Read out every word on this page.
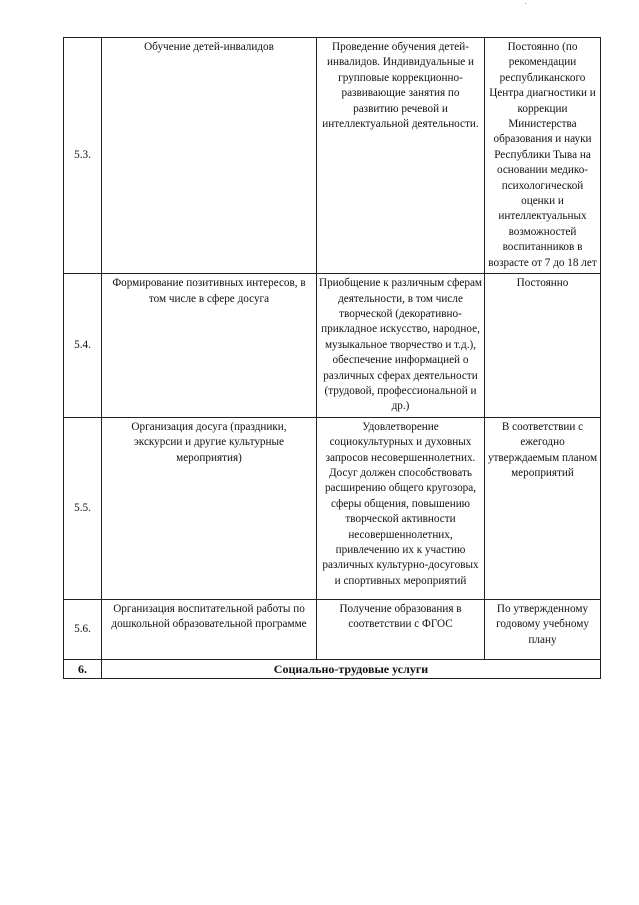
5.3.	Обучение детей-инвалидов	Проведение обучения детей-инвалидов. Индивидуальные и групповые коррекционно-развивающие занятия по развитию речевой и интеллектуальной деятельности.	Постоянно (по рекомендации республиканского Центра диагностики и коррекции Министерства образования и науки Республики Тыва на основании медико-психологической оценки и интеллектуальных возможностей воспитанников в возрасте от 7 до 18 лет
5.4.	Формирование позитивных интересов, в том числе в сфере досуга	Приобщение к различным сферам деятельности, в том числе творческой (декоративно-прикладное искусство, народное, музыкальное творчество и т.д.), обеспечение информацией о различных сферах деятельности (трудовой, профессиональной и др.)	Постоянно
5.5.	Организация досуга (праздники, экскурсии и другие культурные мероприятия)	Удовлетворение социокультурных и духовных запросов несовершеннолетних. Досуг должен способствовать расширению общего кругозора, сферы общения, повышению творческой активности несовершеннолетних, привлечению их к участию различных культурно-досуговых и спортивных мероприятий	В соответствии с ежегодно утверждаемым планом мероприятий
5.6.	Организация воспитательной работы по дошкольной образовательной программе	Получение образования в соответствии с ФГОС	По утвержденному годовому учебному плану
6.	Социально-трудовые услуги		
